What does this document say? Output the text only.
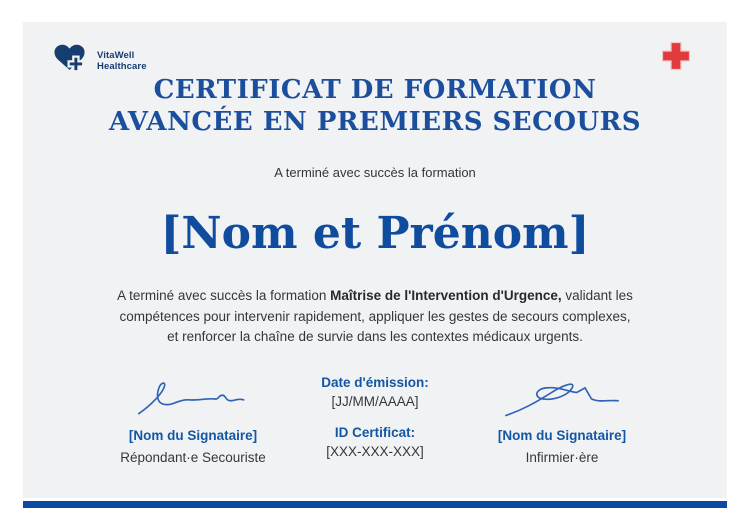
VitaWell
Healthcare
CERTIFICAT DE FORMATION
AVANCÉE EN PREMIERS SECOURS
A terminé avec succès la formation
[Nom et Prénom]
A terminé avec succès la formation Maîtrise de l'Intervention d'Urgence, validant les compétences pour intervenir rapidement, appliquer les gestes de secours complexes, et renforcer la chaîne de survie dans les contextes médicaux urgents.
[Nom du Signataire]
Répondant·e Secouriste
Date d'émission:
[JJ/MM/AAAA]
ID Certificat:
[XXX-XXX-XXX]
[Nom du Signataire]
Infirmier·ère
